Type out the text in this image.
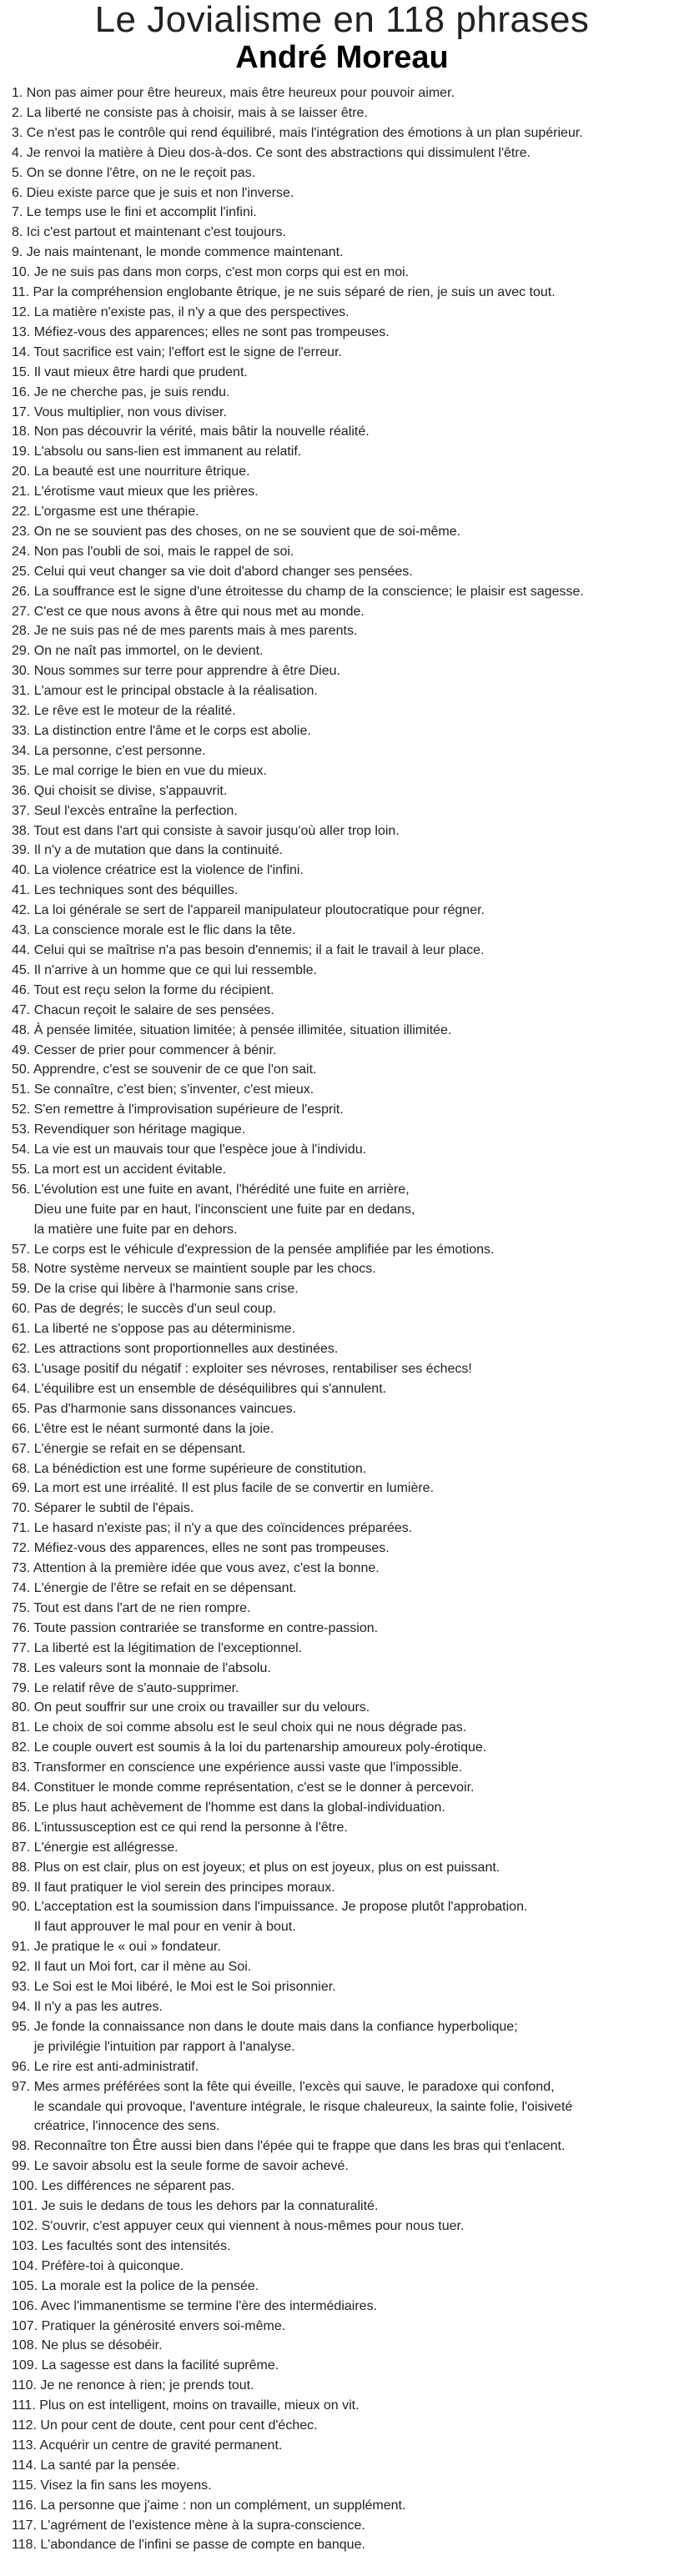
Le Jovialisme en 118 phrases
André Moreau
1. Non pas aimer pour être heureux, mais être heureux pour pouvoir aimer.
2. La liberté ne consiste pas à choisir, mais à se laisser être.
3. Ce n'est pas le contrôle qui rend équilibré, mais l'intégration des émotions à un plan supérieur.
4. Je renvoi la matière à Dieu dos-à-dos. Ce sont des abstractions qui dissimulent l'être.
5. On se donne l'être, on ne le reçoit pas.
6. Dieu existe parce que je suis et non l'inverse.
7. Le temps use le fini et accomplit l'infini.
8. Ici c'est partout et maintenant c'est toujours.
9. Je nais maintenant, le monde commence maintenant.
10. Je ne suis pas dans mon corps, c'est mon corps qui est en moi.
11. Par la compréhension englobante êtrique, je ne suis séparé de rien, je suis un avec tout.
12. La matière n'existe pas, il n'y a que des perspectives.
13. Méfiez-vous des apparences; elles ne sont pas trompeuses.
14. Tout sacrifice est vain; l'effort est le signe de l'erreur.
15. Il vaut mieux être hardi que prudent.
16. Je ne cherche pas, je suis rendu.
17. Vous multiplier, non vous diviser.
18. Non pas découvrir la vérité, mais bâtir la nouvelle réalité.
19. L'absolu ou sans-lien est immanent au relatif.
20. La beauté est une nourriture êtrique.
21. L'érotisme vaut mieux que les prières.
22. L'orgasme est une thérapie.
23. On ne se souvient pas des choses, on ne se souvient que de soi-même.
24. Non pas l'oubli de soi, mais le rappel de soi.
25. Celui qui veut changer sa vie doit d'abord changer ses pensées.
26. La souffrance est le signe d'une étroitesse du champ de la conscience; le plaisir est sagesse.
27. C'est ce que nous avons à être qui nous met au monde.
28. Je ne suis pas né de mes parents mais à mes parents.
29. On ne naît pas immortel, on le devient.
30. Nous sommes sur terre pour apprendre à être Dieu.
31. L'amour est le principal obstacle à la réalisation.
32. Le rêve est le moteur de la réalité.
33. La distinction entre l'âme et le corps est abolie.
34. La personne, c'est personne.
35. Le mal corrige le bien en vue du mieux.
36. Qui choisit se divise, s'appauvrit.
37. Seul l'excès entraîne la perfection.
38. Tout est dans l'art qui consiste à savoir jusqu'où aller trop loin.
39. Il n'y a de mutation que dans la continuité.
40. La violence créatrice est la violence de l'infini.
41. Les techniques sont des béquilles.
42. La loi générale se sert de l'appareil manipulateur ploutocratique pour régner.
43. La conscience morale est le flic dans la tête.
44. Celui qui se maîtrise n'a pas besoin d'ennemis; il a fait le travail à leur place.
45. Il n'arrive à un homme que ce qui lui ressemble.
46. Tout est reçu selon la forme du récipient.
47. Chacun reçoit le salaire de ses pensées.
48. À pensée limitée, situation limitée; à pensée illimitée, situation illimitée.
49. Cesser de prier pour commencer à bénir.
50. Apprendre, c'est se souvenir de ce que l'on sait.
51. Se connaître, c'est bien; s'inventer, c'est mieux.
52. S'en remettre à l'improvisation supérieure de l'esprit.
53. Revendiquer son héritage magique.
54. La vie est un mauvais tour que l'espèce joue à l'individu.
55. La mort est un accident évitable.
56. L'évolution est une fuite en avant, l'hérédité une fuite en arrière,
Dieu une fuite par en haut, l'inconscient une fuite par en dedans,
la matière une fuite par en dehors.
57. Le corps est le véhicule d'expression de la pensée amplifiée par les émotions.
58. Notre système nerveux se maintient souple par les chocs.
59. De la crise qui libère à l'harmonie sans crise.
60. Pas de degrés; le succès d'un seul coup.
61. La liberté ne s'oppose pas au déterminisme.
62. Les attractions sont proportionnelles aux destinées.
63. L'usage positif du négatif : exploiter ses névroses, rentabiliser ses échecs!
64. L'équilibre est un ensemble de déséquilibres qui s'annulent.
65. Pas d'harmonie sans dissonances vaincues.
66. L'être est le néant surmonté dans la joie.
67. L'énergie se refait en se dépensant.
68. La bénédiction est une forme supérieure de constitution.
69. La mort est une irréalité. Il est plus facile de se convertir en lumière.
70. Séparer le subtil de l'épais.
71. Le hasard n'existe pas; il n'y a que des coïncidences préparées.
72. Méfiez-vous des apparences, elles ne sont pas trompeuses.
73. Attention à la première idée que vous avez, c'est la bonne.
74. L'énergie de l'être se refait en se dépensant.
75. Tout est dans l'art de ne rien rompre.
76. Toute passion contrariée se transforme en contre-passion.
77. La liberté est la légitimation de l'exceptionnel.
78. Les valeurs sont la monnaie de l'absolu.
79. Le relatif rêve de s'auto-supprimer.
80. On peut souffrir sur une croix ou travailler sur du velours.
81. Le choix de soi comme absolu est le seul choix qui ne nous dégrade pas.
82. Le couple ouvert est soumis à la loi du partenarship amoureux poly-érotique.
83. Transformer en conscience une expérience aussi vaste que l'impossible.
84. Constituer le monde comme représentation, c'est se le donner à percevoir.
85. Le plus haut achèvement de l'homme est dans la global-individuation.
86. L'intussusception est ce qui rend la personne à l'être.
87. L'énergie est allégresse.
88. Plus on est clair, plus on est joyeux; et plus on est joyeux, plus on est puissant.
89. Il faut pratiquer le viol serein des principes moraux.
90. L'acceptation est la soumission dans l'impuissance. Je propose plutôt l'approbation.
Il faut approuver le mal pour en venir à bout.
91. Je pratique le « oui » fondateur.
92. Il faut un Moi fort, car il mène au Soi.
93. Le Soi est le Moi libéré, le Moi est le Soi prisonnier.
94. Il n'y a pas les autres.
95. Je fonde la connaissance non dans le doute mais dans la confiance hyperbolique;
je privilégie l'intuition par rapport à l'analyse.
96. Le rire est anti-administratif.
97. Mes armes préférées sont la fête qui éveille, l'excès qui sauve, le paradoxe qui confond,
le scandale qui provoque, l'aventure intégrale, le risque chaleureux, la sainte folie, l'oisiveté
créatrice, l'innocence des sens.
98. Reconnaître ton Être aussi bien dans l'épée qui te frappe que dans les bras qui t'enlacent.
99. Le savoir absolu est la seule forme de savoir achevé.
100. Les différences ne séparent pas.
101. Je suis le dedans de tous les dehors par la connaturalité.
102. S'ouvrir, c'est appuyer ceux qui viennent à nous-mêmes pour nous tuer.
103. Les facultés sont des intensités.
104. Préfère-toi à quiconque.
105. La morale est la police de la pensée.
106. Avec l'immanentisme se termine l'ère des intermédiaires.
107. Pratiquer la générosité envers soi-même.
108. Ne plus se désobéir.
109. La sagesse est dans la facilité suprême.
110. Je ne renonce à rien; je prends tout.
111. Plus on est intelligent, moins on travaille, mieux on vit.
112. Un pour cent de doute, cent pour cent d'échec.
113. Acquérir un centre de gravité permanent.
114. La santé par la pensée.
115. Visez la fin sans les moyens.
116. La personne que j'aime : non un complément, un supplément.
117. L'agrément de l'existence mène à la supra-conscience.
118. L'abondance de l'infini se passe de compte en banque.
